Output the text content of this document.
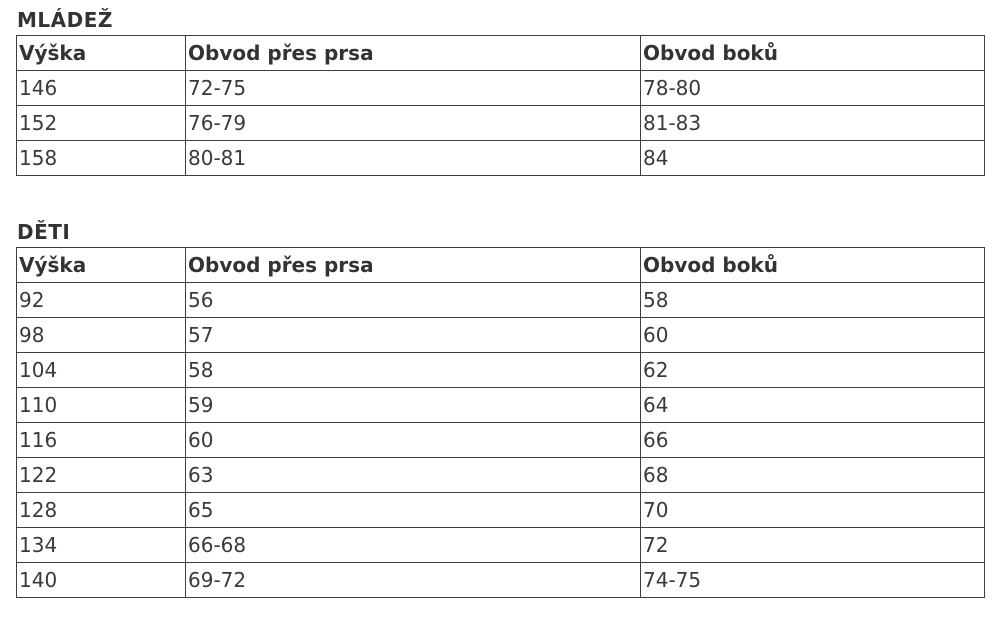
MLÁDEŽ
Výška	Obvod přes prsa	Obvod boků
146	72-75	78-80
152	76-79	81-83
158	80-81	84
DĚTI
Výška	Obvod přes prsa	Obvod boků
92	56	58
98	57	60
104	58	62
110	59	64
116	60	66
122	63	68
128	65	70
134	66-68	72
140	69-72	74-75
